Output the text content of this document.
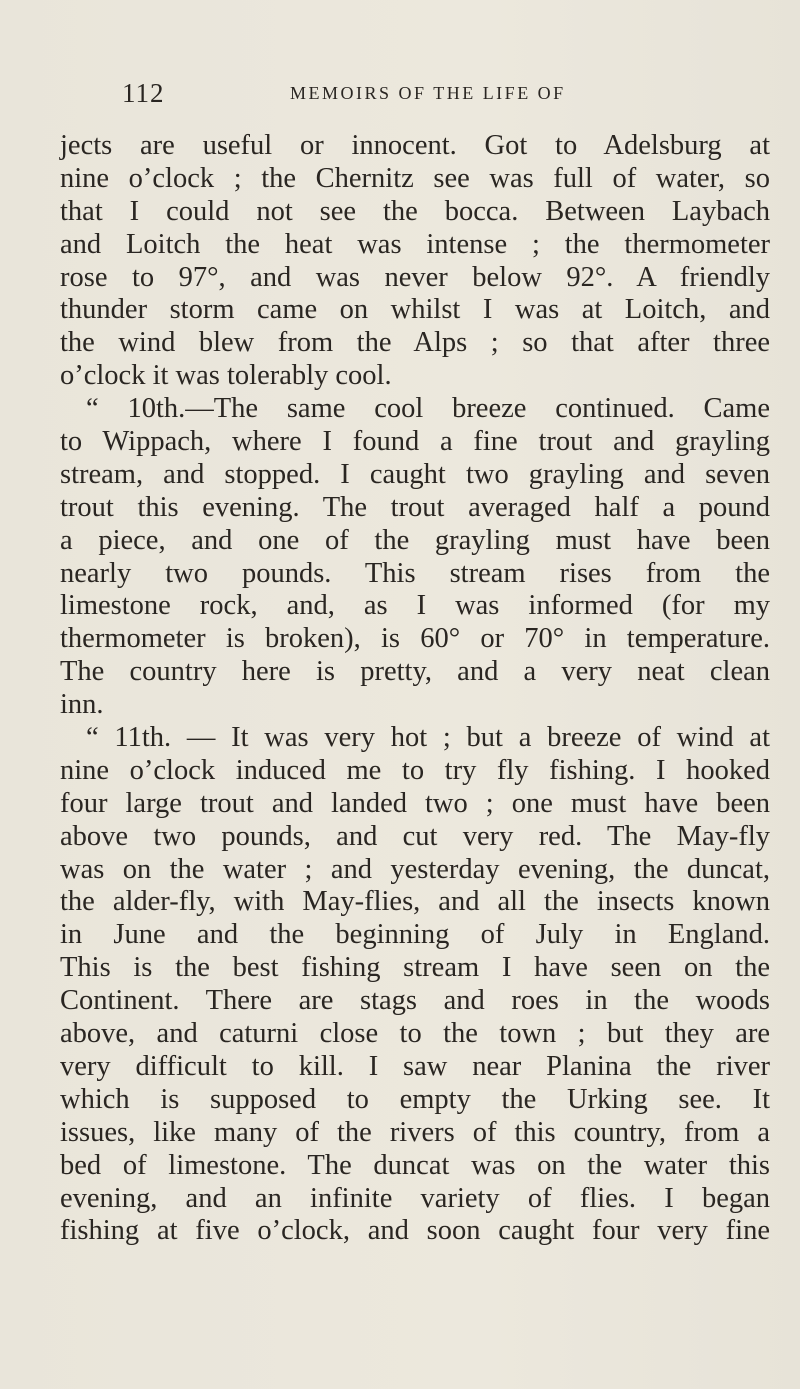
112	MEMOIRS OF THE LIFE OF
jects are useful or innocent. Got to Adelsburg at
nine o’clock ; the Chernitz see was full of water, so
that I could not see the bocca. Between Laybach
and Loitch the heat was intense ; the thermometer
rose to 97°, and was never below 92°. A friendly
thunder storm came on whilst I was at Loitch, and
the wind blew from the Alps ; so that after three
o’clock it was tolerably cool.
“ 10th.—The same cool breeze continued. Came
to Wippach, where I found a fine trout and grayling
stream, and stopped. I caught two grayling and seven
trout this evening. The trout averaged half a pound
a piece, and one of the grayling must have been
nearly two pounds. This stream rises from the
limestone rock, and, as I was informed (for my
thermometer is broken), is 60° or 70° in temperature.
The country here is pretty, and a very neat clean
inn.
“ 11th. — It was very hot ; but a breeze of wind at
nine o’clock induced me to try fly fishing. I hooked
four large trout and landed two ; one must have been
above two pounds, and cut very red. The May-fly
was on the water ; and yesterday evening, the duncat,
the alder-fly, with May-flies, and all the insects known
in June and the beginning of July in England.
This is the best fishing stream I have seen on the
Continent. There are stags and roes in the woods
above, and caturni close to the town ; but they are
very difficult to kill. I saw near Planina the river
which is supposed to empty the Urking see. It
issues, like many of the rivers of this country, from a
bed of limestone. The duncat was on the water this
evening, and an infinite variety of flies. I began
fishing at five o’clock, and soon caught four very fine
